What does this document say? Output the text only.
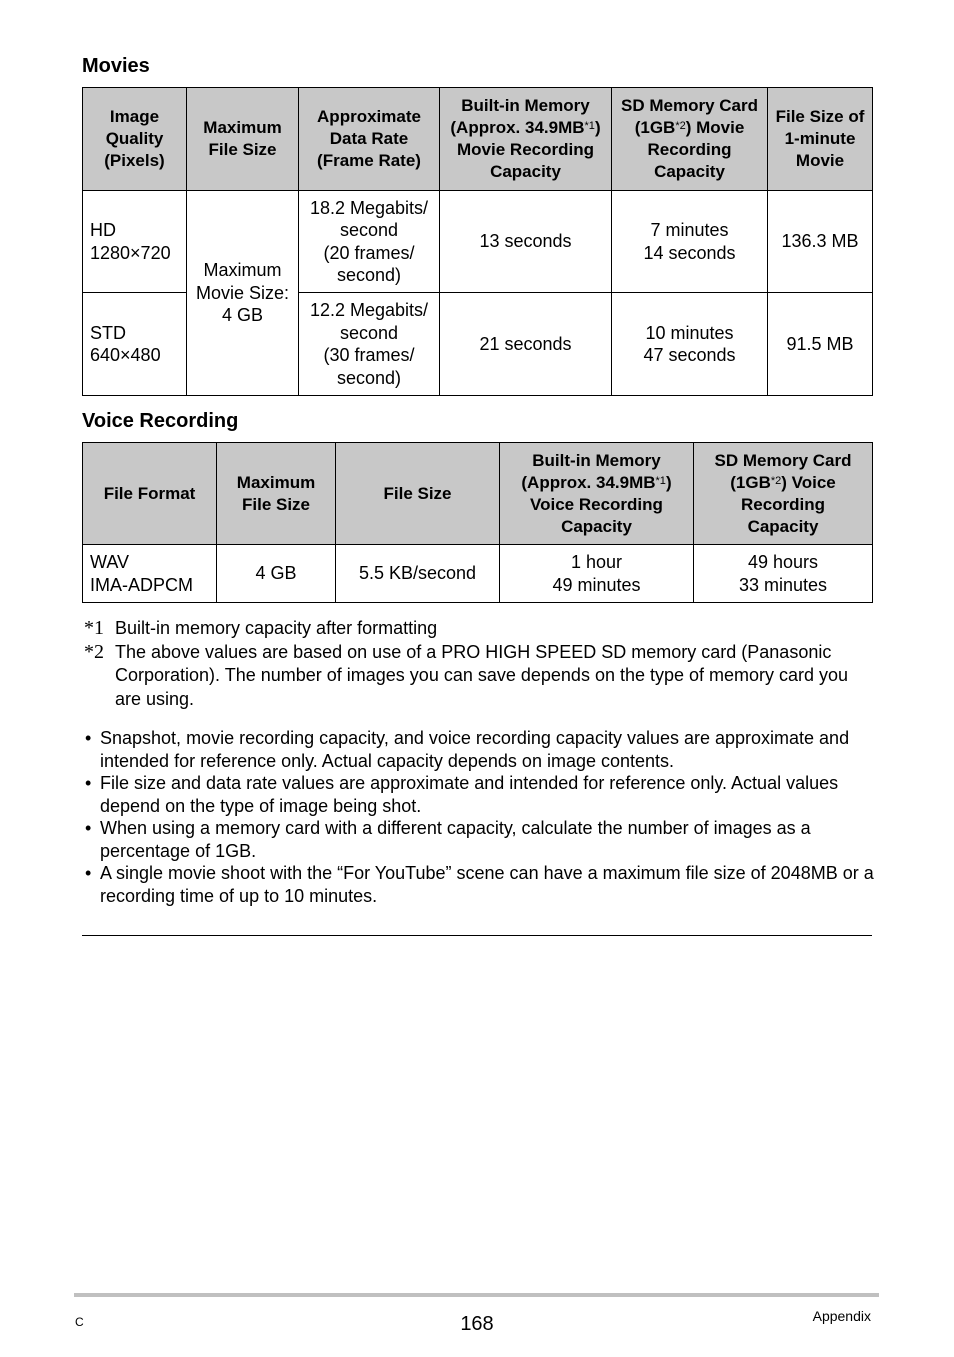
Movies
Image
Quality
(Pixels)	Maximum
File Size	Approximate
Data Rate
(Frame Rate)	Built-in Memory
(Approx. 34.9MB$^{*1}$)
Movie Recording
Capacity	SD Memory Card
(1GB$^{*2}$) Movie
Recording
Capacity	File Size of
1-minute
Movie
HD
1280×720	Maximum
Movie Size:
4 GB	18.2 Megabits/
second
(20 frames/
second)	13 seconds	7 minutes
14 seconds	136.3 MB
STD
640×480		12.2 Megabits/
second
(30 frames/
second)	21 seconds	10 minutes
47 seconds	91.5 MB
Voice Recording
File Format	Maximum
File Size	File Size	Built-in Memory
(Approx. 34.9MB$^{*1}$)
Voice Recording
Capacity	SD Memory Card
(1GB$^{*2}$) Voice
Recording
Capacity
WAV
IMA-ADPCM	4 GB	5.5 KB/second	1 hour
49 minutes	49 hours
33 minutes
*1 Built-in memory capacity after formatting
*2 The above values are based on use of a PRO HIGH SPEED SD memory card (Panasonic Corporation). The number of images you can save depends on the type of memory card you are using.
• Snapshot, movie recording capacity, and voice recording capacity values are approximate and intended for reference only. Actual capacity depends on image contents.
• File size and data rate values are approximate and intended for reference only. Actual values depend on the type of image being shot.
• When using a memory card with a different capacity, calculate the number of images as a percentage of 1GB.
• A single movie shoot with the “For YouTube” scene can have a maximum file size of 2048MB or a recording time of up to 10 minutes.
C	168	Appendix
